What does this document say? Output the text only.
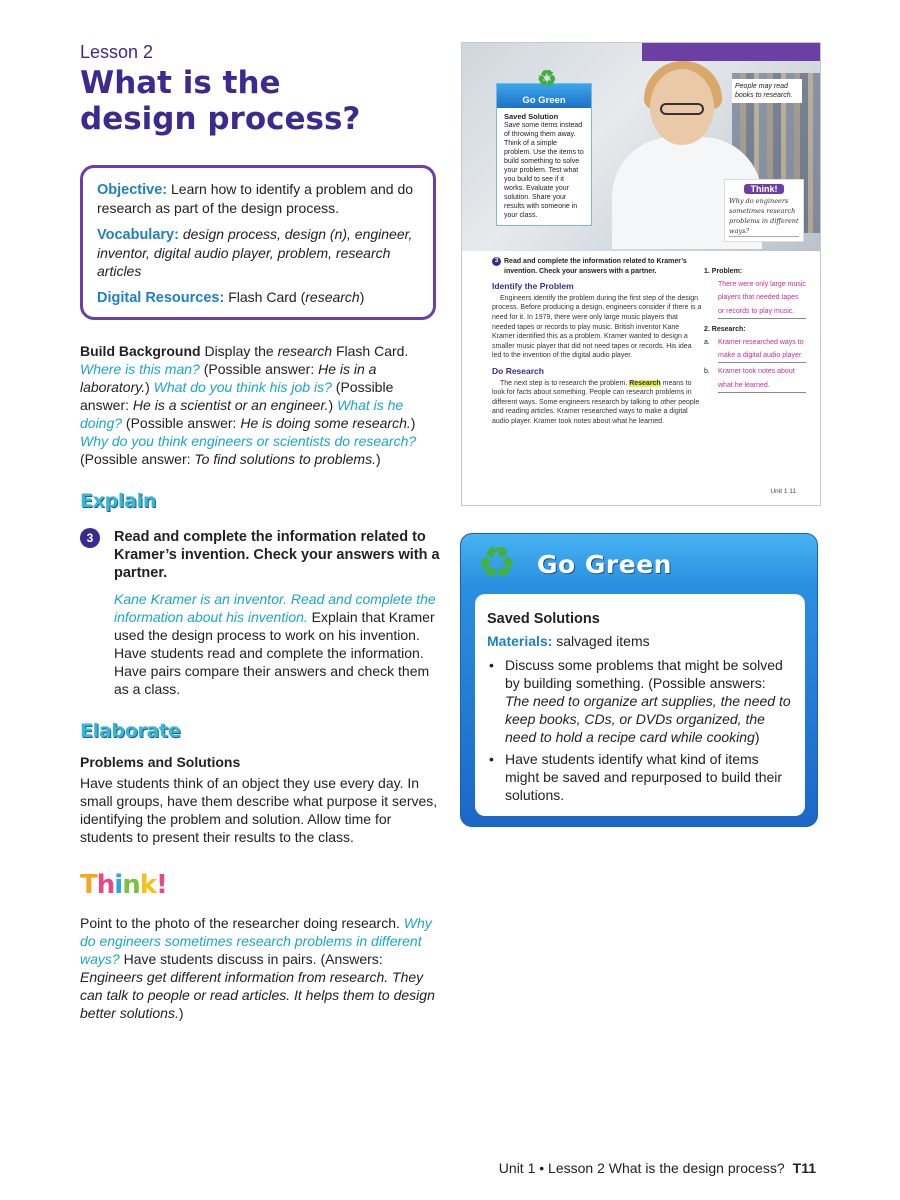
Lesson 2
What is the design process?

Objective: Learn how to identify a problem and do research as part of the design process.

Vocabulary: design process, design (n), engineer, inventor, digital audio player, problem, research articles

Digital Resources: Flash Card (research)

Build Background Display the research Flash Card. Where is this man? (Possible answer: He is in a laboratory.) What do you think his job is? (Possible answer: He is a scientist or an engineer.) What is he doing? (Possible answer: He is doing some research.) Why do you think engineers or scientists do research? (Possible answer: To find solutions to problems.)

Explain
3	Read and complete the information related to Kramer’s invention. Check your answers with a partner.

Kane Kramer is an inventor. Read and complete the information about his invention. Explain that Kramer used the design process to work on his invention. Have students read and complete the information. Have pairs compare their answers and check them as a class.

Elaborate
Problems and Solutions

Have students think of an object they use every day. In small groups, have them describe what purpose it serves, identifying the problem and solution. Allow time for students to present their results to the class.

Think!

Point to the photo of the researcher doing research. Why do engineers sometimes research problems in different ways? Have students discuss in pairs. (Answers: Engineers get different information from research. They can talk to people or read articles. It helps them to design better solutions.)

People may read books to research.
♻
Go Green
Saved Solution
Save some items instead of throwing them away. Think of a simple problem. Use the items to build something to solve your problem. Test what you build to see if it works. Evaluate your solution. Share your results with someone in your class.
Think!
Why do engineers sometimes research problems in different ways?
3 Read and complete the information related to Kramer’s invention. Check your answers with a partner.
Identify the Problem
Engineers identify the problem during the first step of the design process. Before producing a design, engineers consider if there is a need for it. In 1979, there were only large music players that needed tapes or records to play music. British inventor Kane Kramer identified this as a problem. Kramer wanted to design a smaller music player that did not need tapes or records. His idea led to the invention of the digital audio player.
Do Research
The next step is to research the problem. Research means to look for facts about something. People can research problems in different ways. Some engineers research by talking to other people and reading articles. Kramer researched ways to make a digital audio player. Kramer took notes about what he learned.
1. Problem:
There were only large music players that needed tapes or records to play music.
2. Research:
a.	Kramer researched ways to make a digital audio player.
b.	Kramer took notes about what he learned.
Unit 1 11
♻ Go Green
Saved Solutions
Materials: salvaged items
• Discuss some problems that might be solved by building something. (Possible answers: The need to organize art supplies, the need to keep books, CDs, or DVDs organized, the need to hold a recipe card while cooking)
• Have students identify what kind of items might be saved and repurposed to build their solutions.
Unit 1 • Lesson 2 What is the design process? T11
